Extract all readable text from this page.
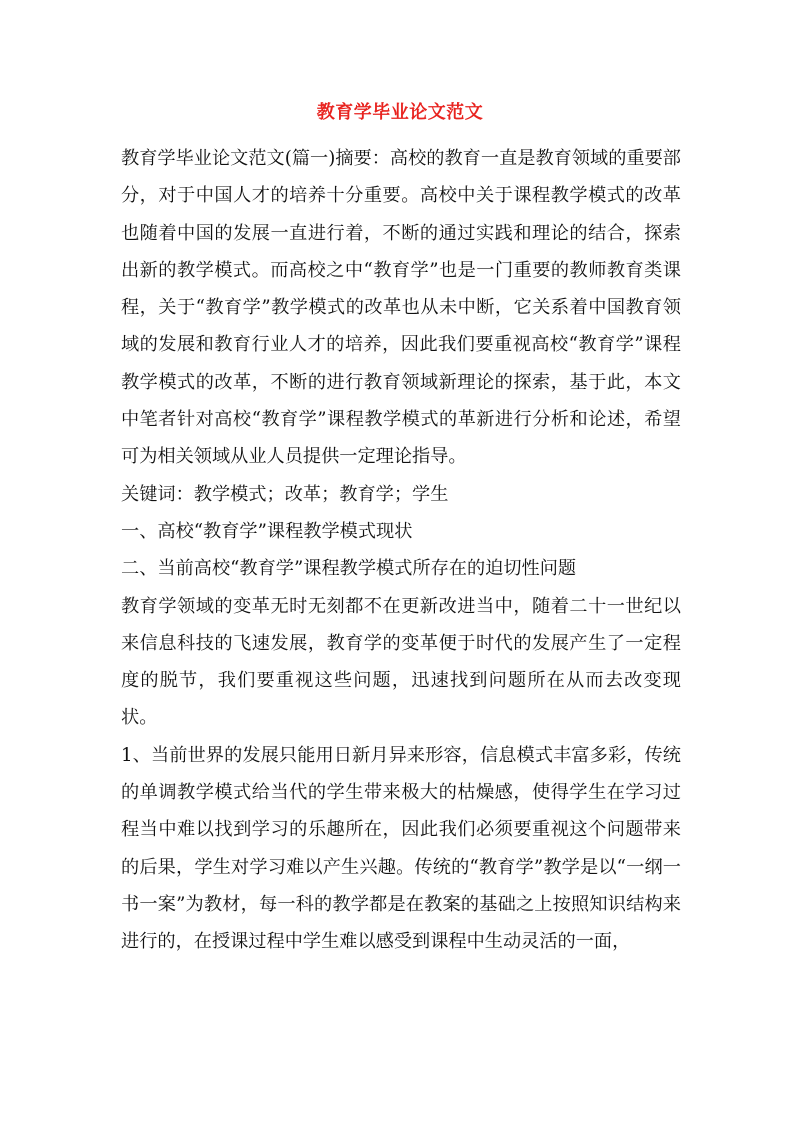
教育学毕业论文范文

教育学毕业论文范文(篇一)摘要：高校的教育一直是教育领域的重要部分，对于中国人才的培养十分重要。高校中关于课程教学模式的改革也随着中国的发展一直进行着，不断的通过实践和理论的结合，探索出新的教学模式。而高校之中“教育学”也是一门重要的教师教育类课程，关于“教育学”教学模式的改革也从未中断，它关系着中国教育领域的发展和教育行业人才的培养，因此我们要重视高校“教育学”课程教学模式的改革，不断的进行教育领域新理论的探索，基于此，本文中笔者针对高校“教育学”课程教学模式的革新进行分析和论述，希望可为相关领域从业人员提供一定理论指导。

关键词：教学模式；改革；教育学；学生

一、高校“教育学”课程教学模式现状

二、当前高校“教育学”课程教学模式所存在的迫切性问题

教育学领域的变革无时无刻都不在更新改进当中，随着二十一世纪以来信息科技的飞速发展，教育学的变革便于时代的发展产生了一定程度的脱节，我们要重视这些问题，迅速找到问题所在从而去改变现状。

1、当前世界的发展只能用日新月异来形容，信息模式丰富多彩，传统的单调教学模式给当代的学生带来极大的枯燥感，使得学生在学习过程当中难以找到学习的乐趣所在，因此我们必须要重视这个问题带来的后果，学生对学习难以产生兴趣。传统的“教育学”教学是以“一纲一书一案”为教材，每一科的教学都是在教案的基础之上按照知识结构来进行的，在授课过程中学生难以感受到课程中生动灵活的一面，
